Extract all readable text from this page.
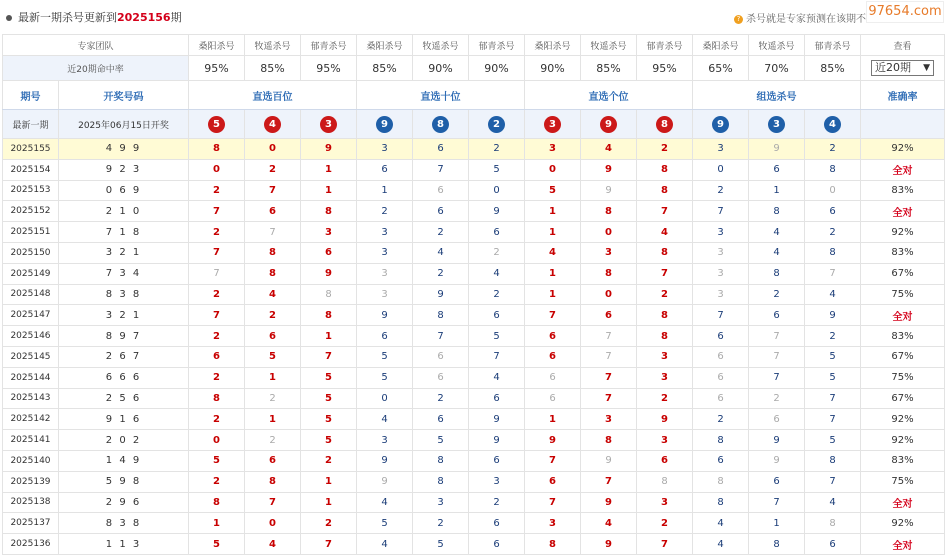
最新一期杀号更新到2025156期	? 杀号就是专家预测在该期不
97654.com
专家团队		桑阳杀号	牧遥杀号	郁青杀号	桑阳杀号	牧遥杀号	郁青杀号	桑阳杀号	牧遥杀号	郁青杀号	桑阳杀号	牧遥杀号	郁青杀号	查看
近20期命中率		95%	85%	95%	85%	90%	90%	90%	85%	95%	65%	70%	85%	近20期 ▼

期号	开奖号码	直选百位			直选十位			直选个位			组选杀号			准确率
最新一期	2025年06月15日开奖	5	4	3	9	8	2	3	9	8	9	3	4	
2025155	4 9 9	8	0	9	3	6	2	3	4	2	3	9	2	92%
2025154	9 2 3	0	2	1	6	7	5	0	9	8	0	6	8	全对
2025153	0 6 9	2	7	1	1	6	0	5	9	8	2	1	0	83%
2025152	2 1 0	7	6	8	2	6	9	1	8	7	7	8	6	全对
2025151	7 1 8	2	7	3	3	2	6	1	0	4	3	4	2	92%
2025150	3 2 1	7	8	6	3	4	2	4	3	8	3	4	8	83%
2025149	7 3 4	7	8	9	3	2	4	1	8	7	3	8	7	67%
2025148	8 3 8	2	4	8	3	9	2	1	0	2	3	2	4	75%
2025147	3 2 1	7	2	8	9	8	6	7	6	8	7	6	9	全对
2025146	8 9 7	2	6	1	6	7	5	6	7	8	6	7	2	83%
2025145	2 6 7	6	5	7	5	6	7	6	7	3	6	7	5	67%
2025144	6 6 6	2	1	5	5	6	4	6	7	3	6	7	5	75%
2025143	2 5 6	8	2	5	0	2	6	6	7	2	6	2	7	67%
2025142	9 1 6	2	1	5	4	6	9	1	3	9	2	6	7	92%
2025141	2 0 2	0	2	5	3	5	9	9	8	3	8	9	5	92%
2025140	1 4 9	5	6	2	9	8	6	7	9	6	6	9	8	83%
2025139	5 9 8	2	8	1	9	8	3	6	7	8	8	6	7	75%
2025138	2 9 6	8	7	1	4	3	2	7	9	3	8	7	4	全对
2025137	8 3 8	1	0	2	5	2	6	3	4	2	4	1	8	92%
2025136	1 1 3	5	4	7	4	5	6	8	9	7	4	8	6	全对
